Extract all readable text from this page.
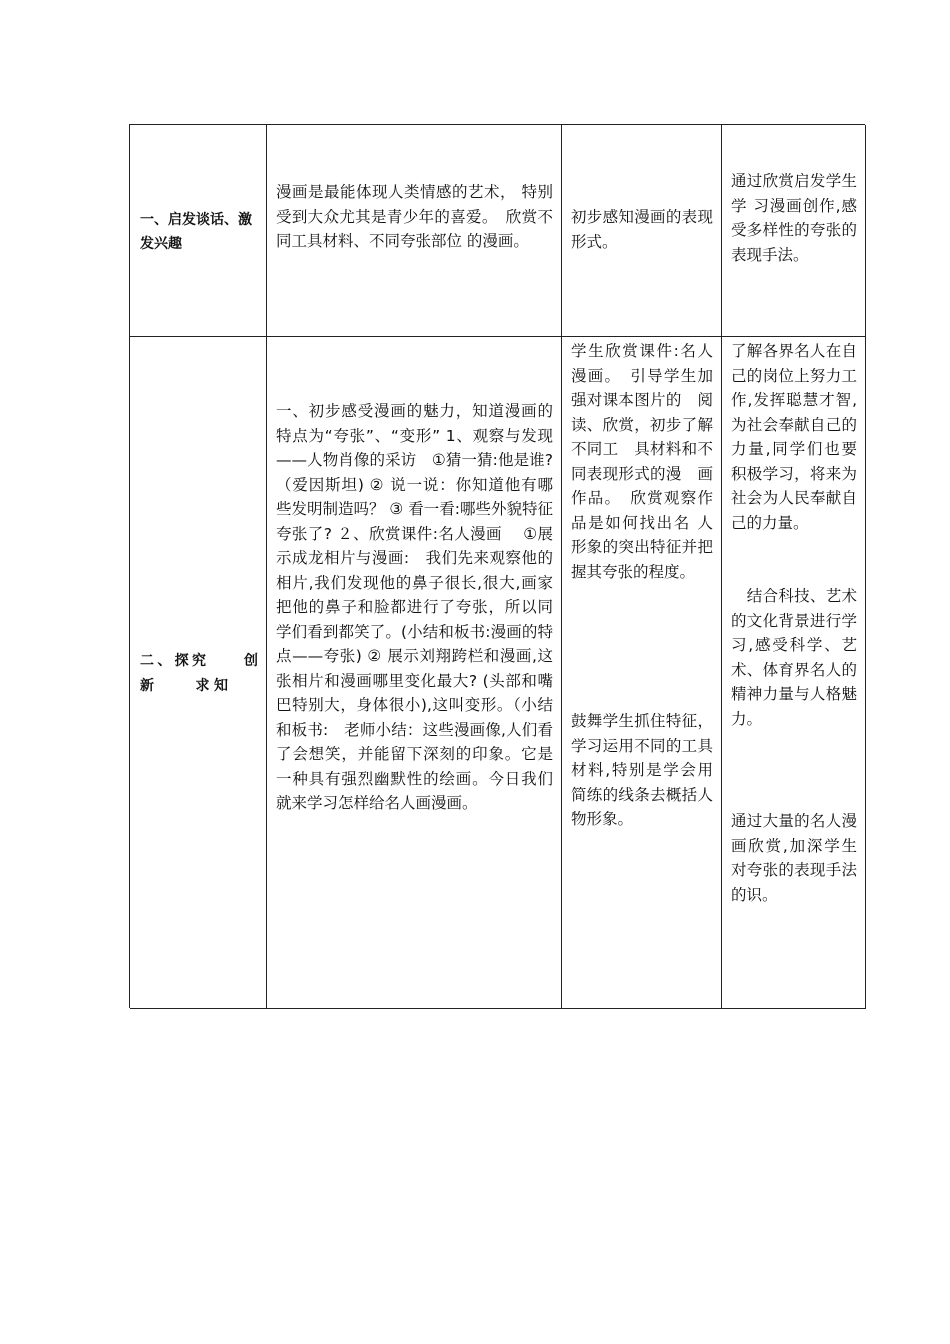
一、启发谈话、激发兴趣
漫画是最能体现人类情感的艺术， 特别受到大众尤其是青少年的喜爱。　欣赏不同工具材料、不同夸张部位 的漫画。
初步感知漫画的表现形式。
通过欣赏启发学生学 习漫画创作,感受多样性的夸张的表现手法。
二、探究　　创
新　　求知
一、初步感受漫画的魅力，知道漫画的特点为“夸张”、“变形” 1、观察与发现——人物肖像的采访　①猜一猜:他是谁? （爱因斯坦) ② 说一说：你知道他有哪些发明制造吗？ ③ 看一看:哪些外貌特征夸张了? ２、欣赏课件:名人漫画　 ①展示成龙相片与漫画:　我们先来观察他的相片,我们发现他的鼻子很长,很大,画家把他的鼻子和脸都进行了夸张，所以同学们看到都笑了。(小结和板书:漫画的特点——夸张) ② 展示刘翔跨栏和漫画,这张相片和漫画哪里变化最大? (头部和嘴巴特别大，身体很小),这叫变形。（小结和板书:　老师小结：这些漫画像,人们看了会想笑，并能留下深刻的印象。它是一种具有强烈幽默性的绘画。今日我们就来学习怎样给名人画漫画。
学生欣赏课件:名人漫画。　引导学生加强对课本图片的　阅读、欣赏，初步了解不同工　具材料和不同表现形式的漫　画作品。　欣赏观察作品是如何找出名 人形象的突出特征并把握其夸张的程度。
鼓舞学生抓住特征，学习运用不同的工具材料,特别是学会用简练的线条去概括人物形象。
了解各界名人在自己的岗位上努力工作,发挥聪慧才智,为社会奉献自己的力量,同学们也要积极学习，将来为社会为人民奉献自己的力量。
　结合科技、艺术的文化背景进行学习,感受科学、艺术、体育界名人的精神力量与人格魅力。
通过大量的名人漫画欣赏,加深学生对夸张的表现手法的识。
